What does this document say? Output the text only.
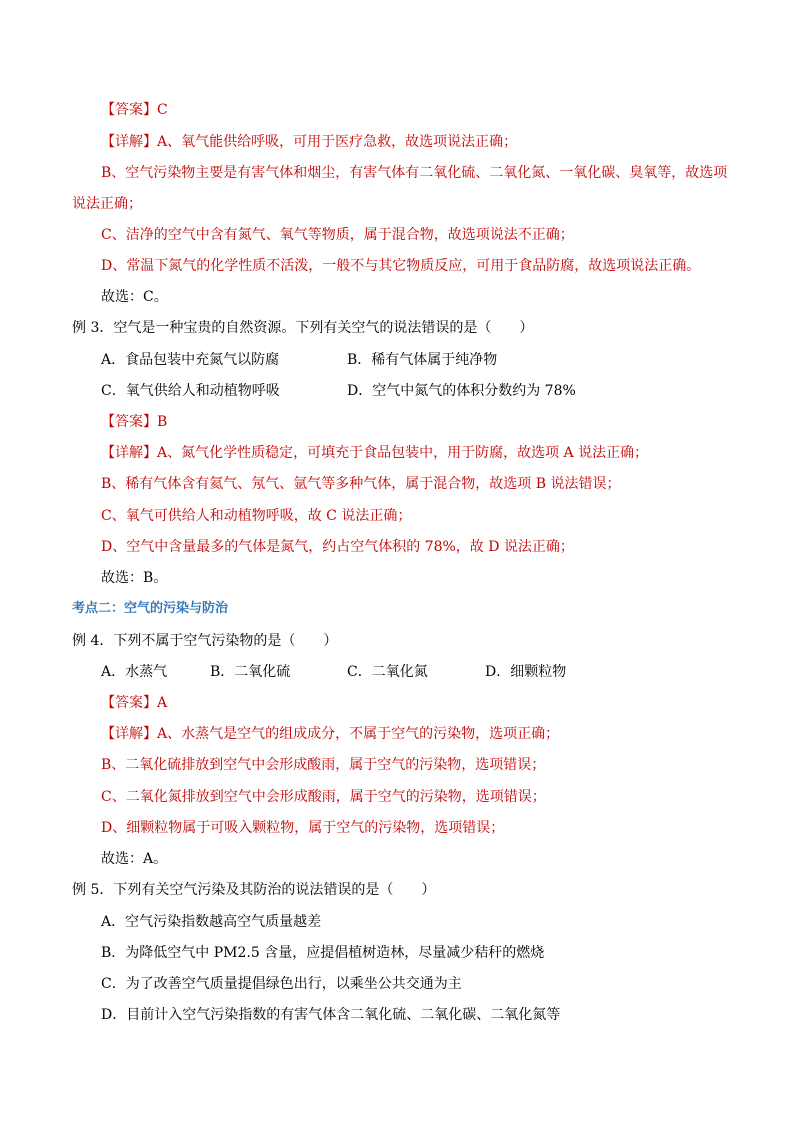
【答案】C
【详解】A、氧气能供给呼吸，可用于医疗急救，故选项说法正确；
B、空气污染物主要是有害气体和烟尘，有害气体有二氧化硫、二氧化氮、一氧化碳、臭氧等，故选项
说法正确；
C、洁净的空气中含有氮气、氧气等物质，属于混合物，故选项说法不正确；
D、常温下氮气的化学性质不活泼，一般不与其它物质反应，可用于食品防腐，故选项说法正确。
故选：C。
例 3．空气是一种宝贵的自然资源。下列有关空气的说法错误的是（　　）
A．食品包装中充氮气以防腐	B．稀有气体属于纯净物
C．氧气供给人和动植物呼吸	D．空气中氮气的体积分数约为 78%
【答案】B
【详解】A、氮气化学性质稳定，可填充于食品包装中，用于防腐，故选项 A 说法正确；
B、稀有气体含有氦气、氖气、氩气等多种气体，属于混合物，故选项 B 说法错误；
C、氧气可供给人和动植物呼吸，故 C 说法正确；
D、空气中含量最多的气体是氮气，约占空气体积的 78%，故 D 说法正确；
故选：B。
考点二：空气的污染与防治
例 4．下列不属于空气污染物的是（　　）
A．水蒸气	B．二氧化硫	C．二氧化氮	D．细颗粒物
【答案】A
【详解】A、水蒸气是空气的组成成分，不属于空气的污染物，选项正确；
B、二氧化硫排放到空气中会形成酸雨，属于空气的污染物，选项错误；
C、二氧化氮排放到空气中会形成酸雨，属于空气的污染物，选项错误；
D、细颗粒物属于可吸入颗粒物，属于空气的污染物，选项错误；
故选：A。
例 5．下列有关空气污染及其防治的说法错误的是（　　）
A．空气污染指数越高空气质量越差
B．为降低空气中 PM2.5 含量，应提倡植树造林，尽量减少秸秆的燃烧
C．为了改善空气质量提倡绿色出行，以乘坐公共交通为主
D．目前计入空气污染指数的有害气体含二氧化硫、二氧化碳、二氧化氮等
